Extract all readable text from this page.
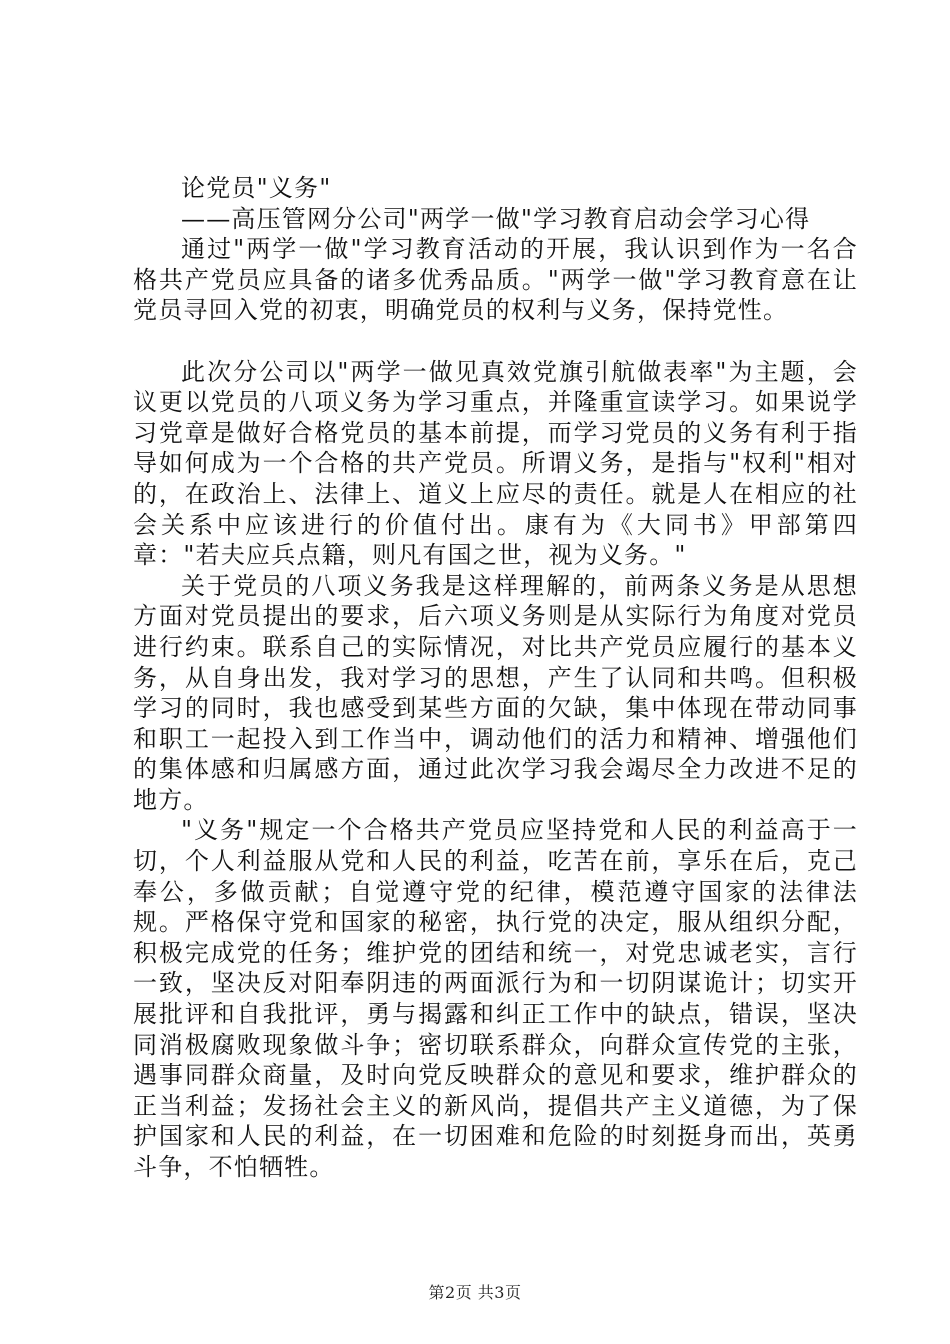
论党员"义务"
——高压管网分公司"两学一做"学习教育启动会学习心得

通过"两学一做"学习教育活动的开展，我认识到作为一名合格共产党员应具备的诸多优秀品质。"两学一做"学习教育意在让党员寻回入党的初衷，明确党员的权利与义务，保持党性。

此次分公司以"两学一做见真效党旗引航做表率"为主题，会议更以党员的八项义务为学习重点，并隆重宣读学习。如果说学习党章是做好合格党员的基本前提，而学习党员的义务有利于指导如何成为一个合格的共产党员。所谓义务，是指与"权利"相对的，在政治上、法律上、道义上应尽的责任。就是人在相应的社会关系中应该进行的价值付出。康有为《大同书》甲部第四章："若夫应兵点籍，则凡有国之世，视为义务。"

关于党员的八项义务我是这样理解的，前两条义务是从思想方面对党员提出的要求，后六项义务则是从实际行为角度对党员进行约束。联系自己的实际情况，对比共产党员应履行的基本义务，从自身出发，我对学习的思想，产生了认同和共鸣。但积极学习的同时，我也感受到某些方面的欠缺，集中体现在带动同事和职工一起投入到工作当中，调动他们的活力和精神、增强他们的集体感和归属感方面，通过此次学习我会竭尽全力改进不足的地方。

"义务"规定一个合格共产党员应坚持党和人民的利益高于一切，个人利益服从党和人民的利益，吃苦在前，享乐在后，克己奉公，多做贡献；自觉遵守党的纪律，模范遵守国家的法律法规。严格保守党和国家的秘密，执行党的决定，服从组织分配，积极完成党的任务；维护党的团结和统一，对党忠诚老实，言行一致，坚决反对阳奉阴违的两面派行为和一切阴谋诡计；切实开展批评和自我批评，勇与揭露和纠正工作中的缺点，错误，坚决同消极腐败现象做斗争；密切联系群众，向群众宣传党的主张，遇事同群众商量，及时向党反映群众的意见和要求，维护群众的正当利益；发扬社会主义的新风尚，提倡共产主义道德，为了保护国家和人民的利益，在一切困难和危险的时刻挺身而出，英勇斗争，不怕牺牲。

第2页 共3页
